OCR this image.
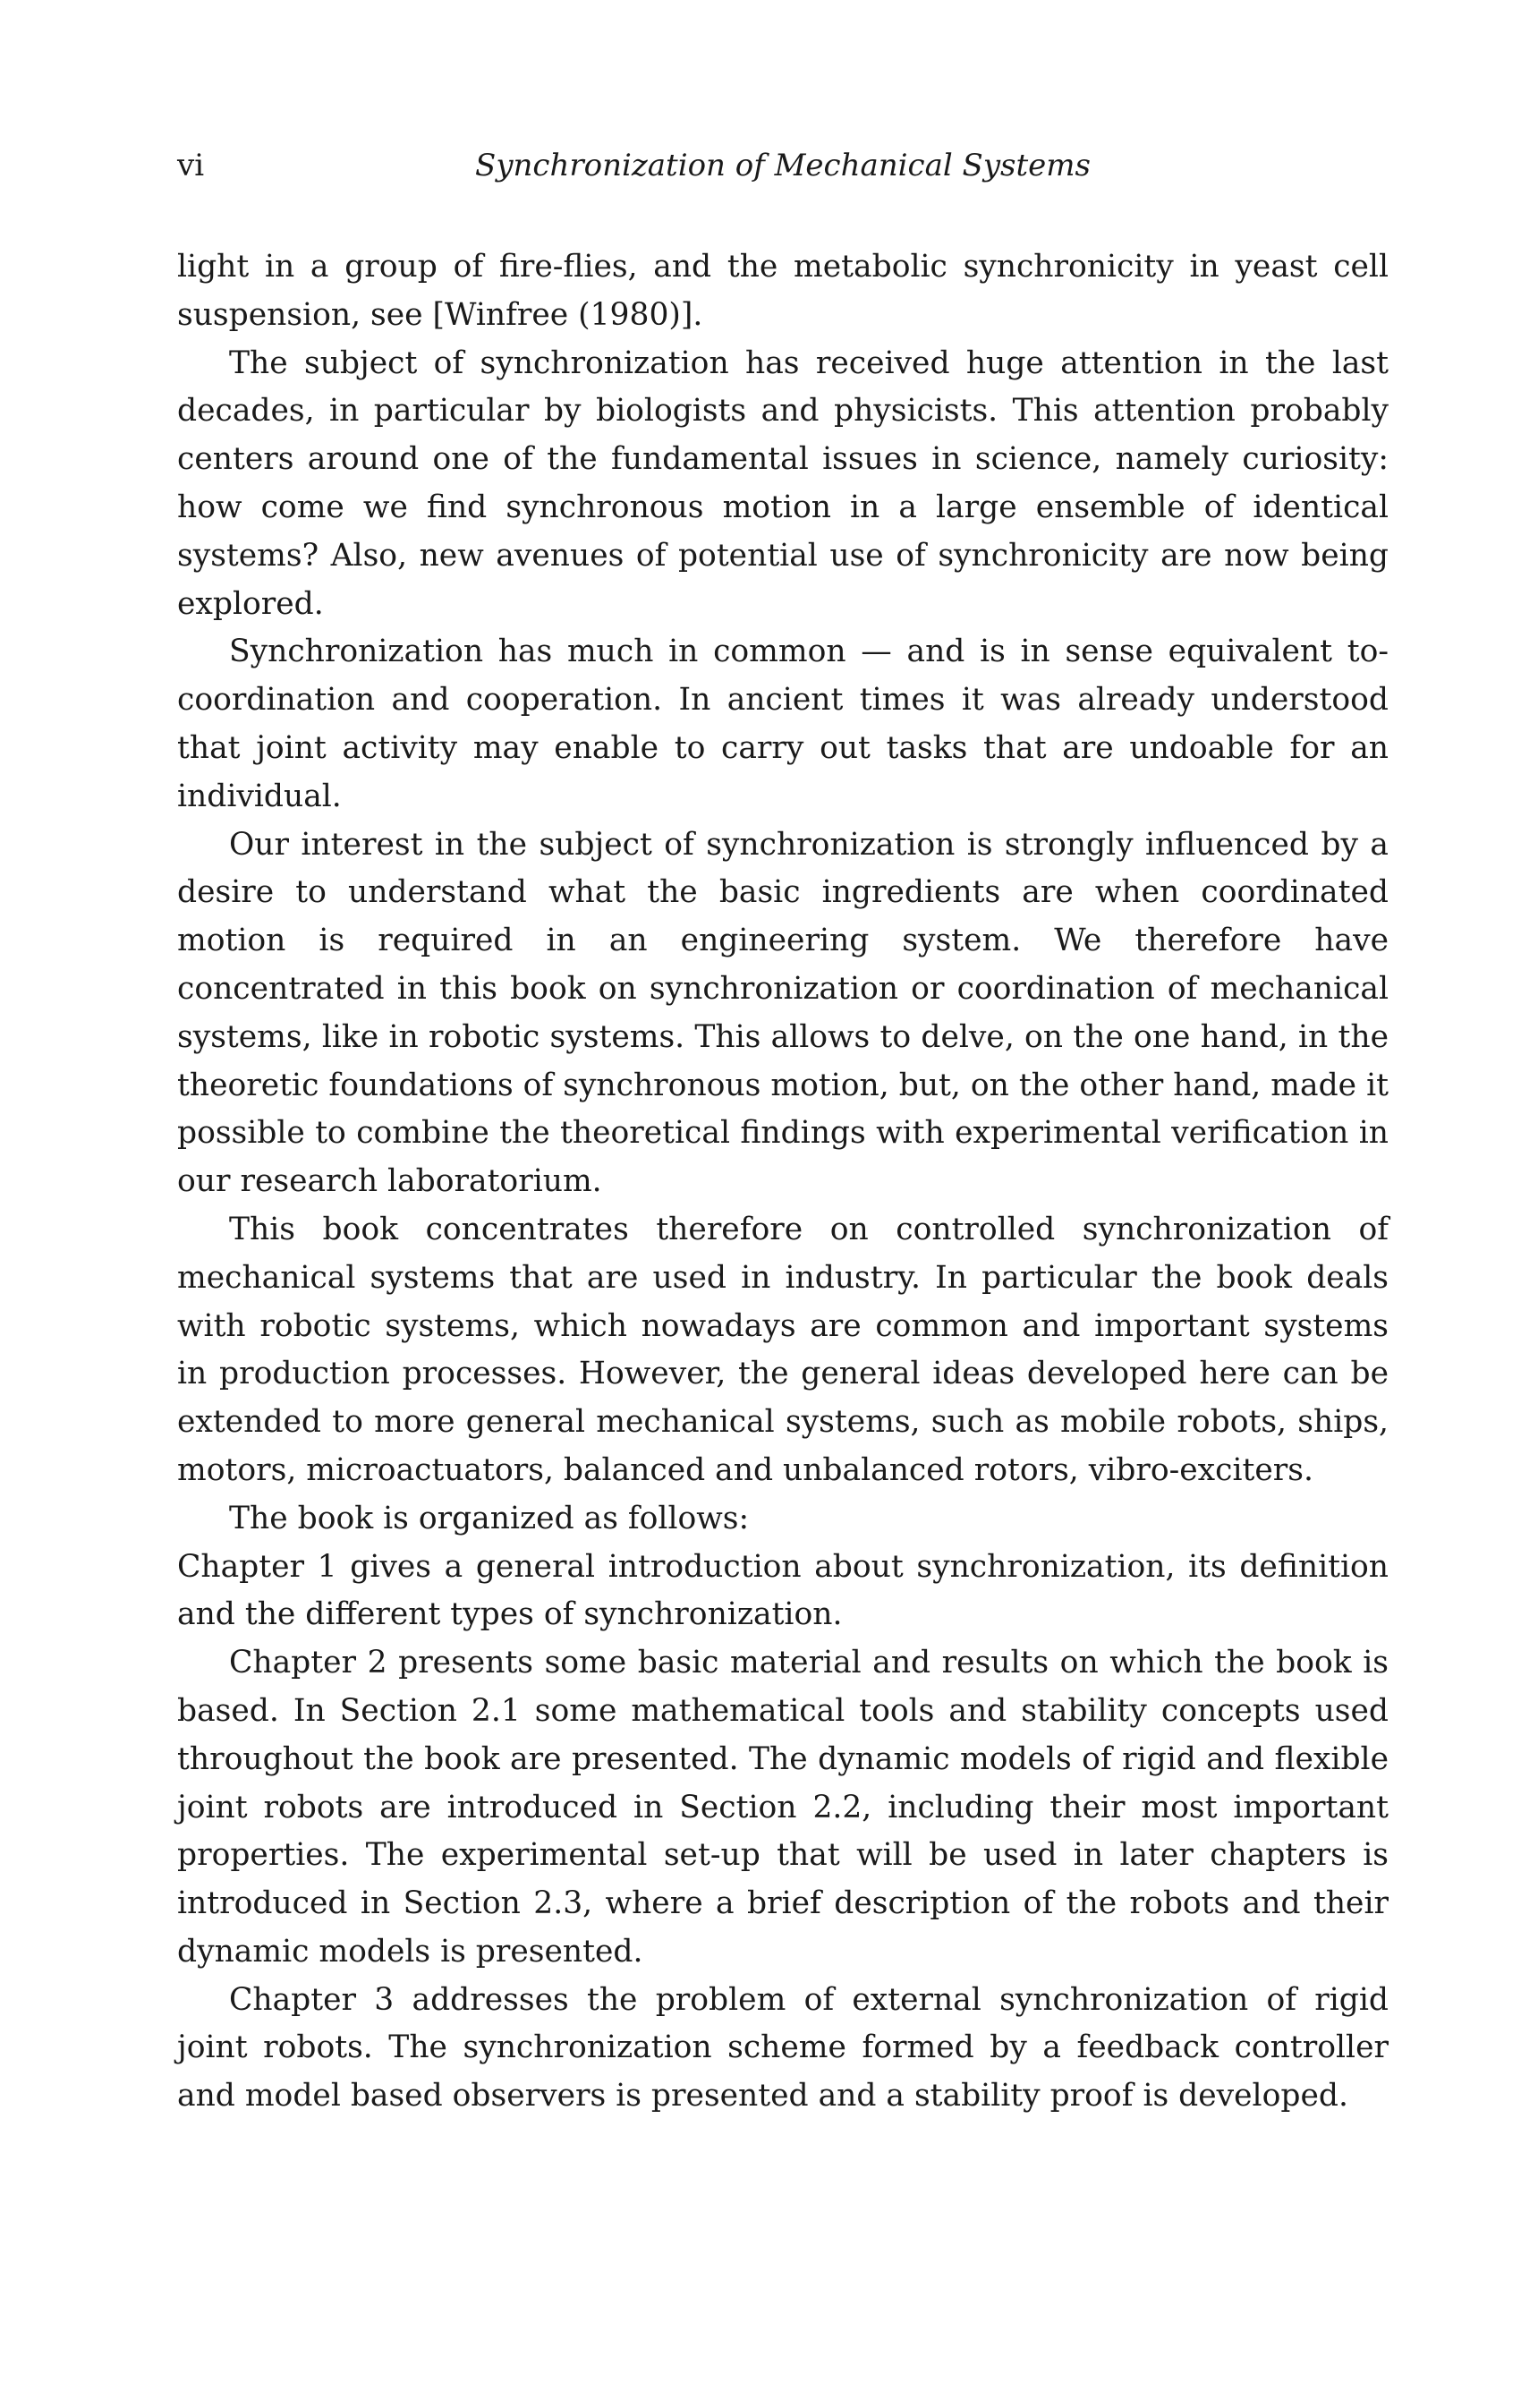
vi	Synchronization of Mechanical Systems

light in a group of fire-flies, and the metabolic synchronicity in yeast cell suspension, see [Winfree (1980)].

The subject of synchronization has received huge attention in the last decades, in particular by biologists and physicists. This attention probably centers around one of the fundamental issues in science, namely curiosity: how come we find synchronous motion in a large ensemble of identical systems? Also, new avenues of potential use of synchronicity are now being explored.

Synchronization has much in common — and is in sense equivalent to-coordination and cooperation. In ancient times it was already understood that joint activity may enable to carry out tasks that are undoable for an individual.

Our interest in the subject of synchronization is strongly influenced by a desire to understand what the basic ingredients are when coordinated motion is required in an engineering system. We therefore have concentrated in this book on synchronization or coordination of mechanical systems, like in robotic systems. This allows to delve, on the one hand, in the theoretic foundations of synchronous motion, but, on the other hand, made it possible to combine the theoretical findings with experimental verification in our research laboratorium.

This book concentrates therefore on controlled synchronization of mechanical systems that are used in industry. In particular the book deals with robotic systems, which nowadays are common and important systems in production processes. However, the general ideas developed here can be extended to more general mechanical systems, such as mobile robots, ships, motors, microactuators, balanced and unbalanced rotors, vibro-exciters.

The book is organized as follows:

Chapter 1 gives a general introduction about synchronization, its definition and the different types of synchronization.

Chapter 2 presents some basic material and results on which the book is based. In Section 2.1 some mathematical tools and stability concepts used throughout the book are presented. The dynamic models of rigid and flexible joint robots are introduced in Section 2.2, including their most important properties. The experimental set-up that will be used in later chapters is introduced in Section 2.3, where a brief description of the robots and their dynamic models is presented.

Chapter 3 addresses the problem of external synchronization of rigid joint robots. The synchronization scheme formed by a feedback controller and model based observers is presented and a stability proof is developed.
